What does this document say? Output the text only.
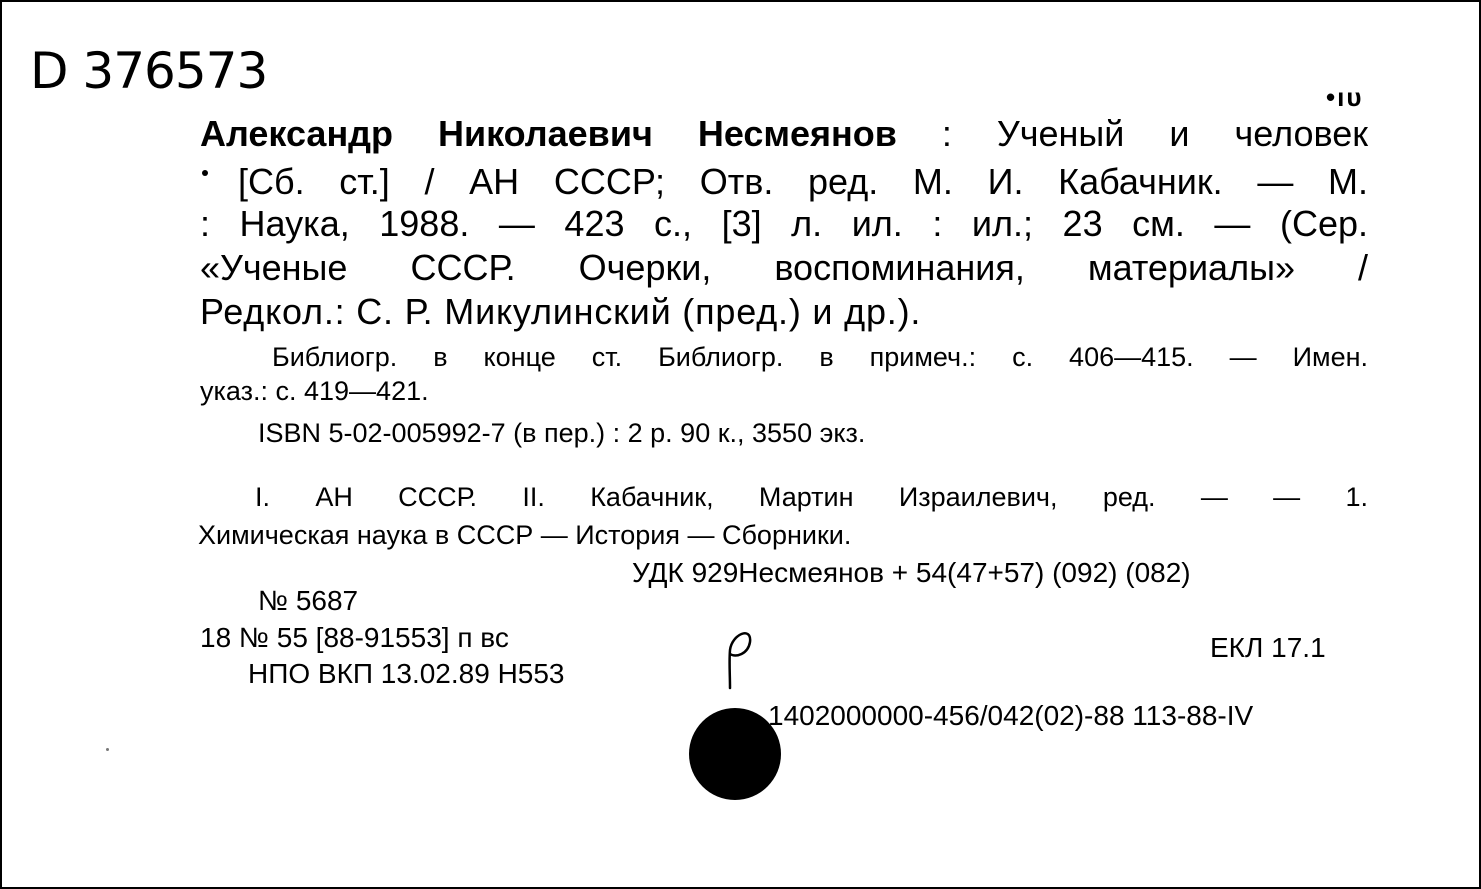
D 376573	•ıυ
Александр Николаевич Несмеянов : Ученый и человек
[Сб. ст.] / АН СССР; Отв. ред. М. И. Кабачник. — М.
: Наука, 1988. — 423 с., [3] л. ил. : ил.; 23 см. — (Сер.
«Ученые СССР. Очерки, воспоминания, материалы» /
Редкол.: С. Р. Микулинский (пред.) и др.).
Библиогр. в конце ст. Библиогр. в примеч.: с. 406—415. — Имен.
указ.: с. 419—421.
ISBN 5-02-005992-7 (в пер.) : 2 р. 90 к., 3550 экз.
I. АН СССР. II. Кабачник, Мартин Израилевич, ред. — — 1.
Химическая наука в СССР — История — Сборники.
УДК 929Несмеянов + 54(47+57) (092) (082)
№ 5687
18 № 55 [88-91553] п вс
НПО ВКП 13.02.89 Н553
ЕКЛ 17.1
1402000000-456/042(02)-88 113-88-IV
